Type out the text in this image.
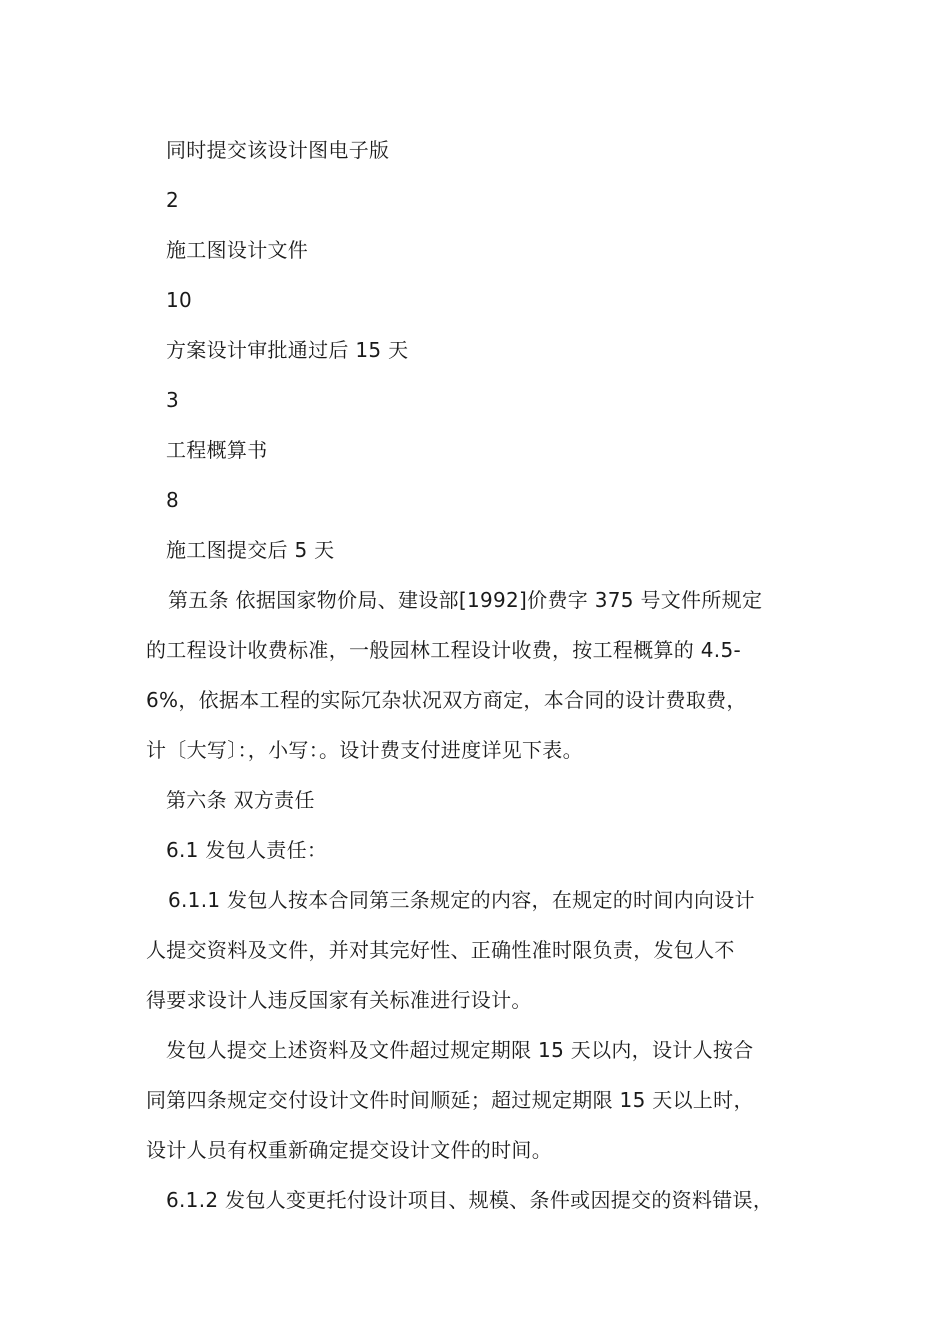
同时提交该设计图电子版
2
施工图设计文件
10
方案设计审批通过后 15 天
3
工程概算书
8
施工图提交后 5 天
第五条 依据国家物价局、建设部[1992]价费字 375 号文件所规定
的工程设计收费标准，一般园林工程设计收费，按工程概算的 4.5-
6%，依据本工程的实际冗杂状况双方商定，本合同的设计费取费，
计〔大写〕：，小写：。设计费支付进度详见下表。
第六条 双方责任
6.1 发包人责任：
6.1.1 发包人按本合同第三条规定的内容，在规定的时间内向设计
人提交资料及文件，并对其完好性、正确性准时限负责，发包人不
得要求设计人违反国家有关标准进行设计。
发包人提交上述资料及文件超过规定期限 15 天以内，设计人按合
同第四条规定交付设计文件时间顺延；超过规定期限 15 天以上时，
设计人员有权重新确定提交设计文件的时间。
6.1.2 发包人变更托付设计项目、规模、条件或因提交的资料错误，
